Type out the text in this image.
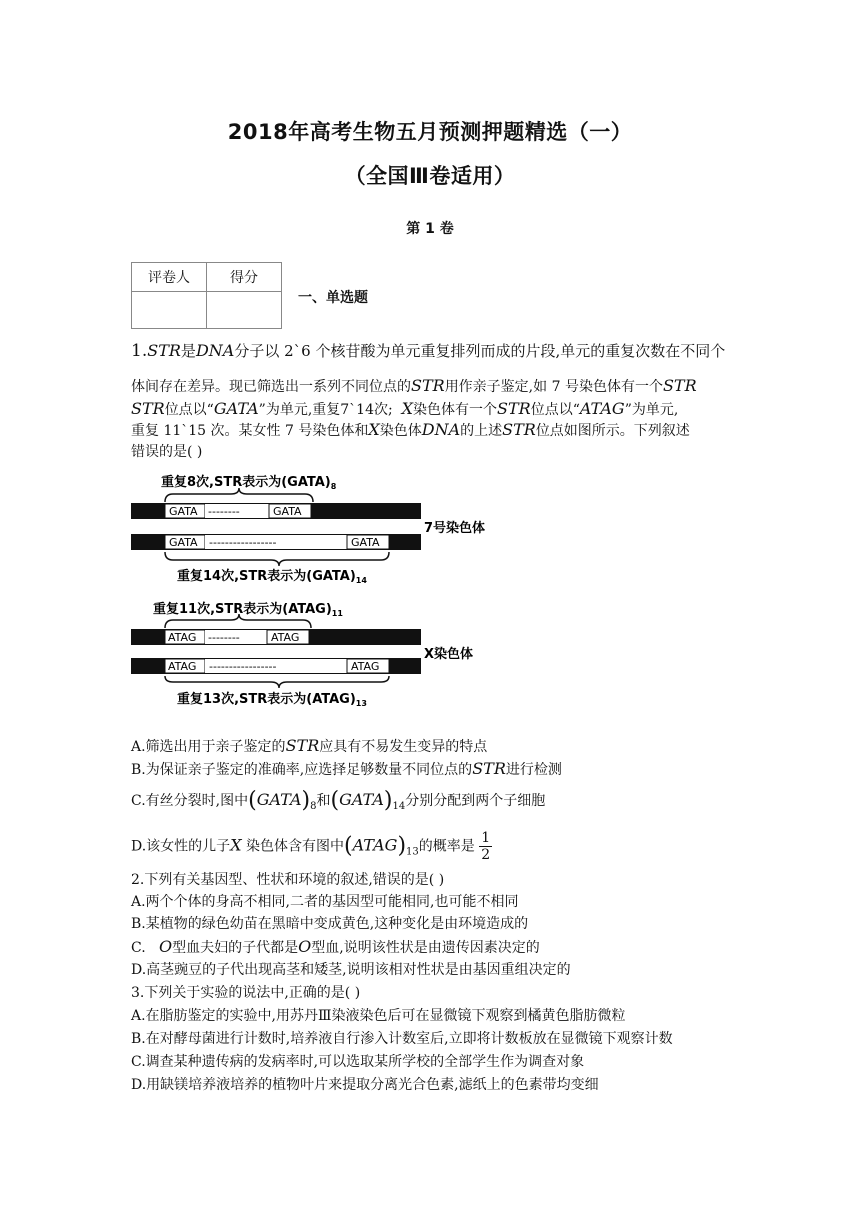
2018年高考生物五月预测押题精选（一）
（全国Ⅲ卷适用）
第 1 卷
评卷人	得分

一、单选题
1.STR是DNA分子以 2`6 个核苷酸为单元重复排列而成的片段,单元的重复次数在不同个
体间存在差异。现已筛选出一系列不同位点的STR用作亲子鉴定,如 7 号染色体有一个STR
STR位点以“GATA”为单元,重复7`14次; X染色体有一个STR位点以“ATAG”为单元,
重复 11`15 次。某女性 7 号染色体和X染色体DNA的上述STR位点如图所示。下列叙述
错误的是( )
重复8次,STR表示为$(GATA)_8$
GATA --------	GATA
GATA -----------------	GATA
7号染色体
重复14次,STR表示为$(GATA)_{14}$
重复11次,STR表示为$(ATAG)_{11}$
ATAG --------	ATAG
ATAG -----------------	ATAG
X染色体
重复13次,STR表示为$(ATAG)_{13}$
A.筛选出用于亲子鉴定的STR应具有不易发生变异的特点
B.为保证亲子鉴定的准确率,应选择足够数量不同位点的STR进行检测
C.有丝分裂时,图中$(GATA)_8$和$(GATA)_{14}$分别分配到两个子细胞
D.该女性的儿子X 染色体含有图中$(ATAG)_{13}$的概率是 $\frac{1}{2}$
2.下列有关基因型、性状和环境的叙述,错误的是( )
A.两个个体的身高不相同,二者的基因型可能相同,也可能不相同
B.某植物的绿色幼苗在黑暗中变成黄色,这种变化是由环境造成的
C. O型血夫妇的子代都是O型血,说明该性状是由遗传因素决定的
D.高茎豌豆的子代出现高茎和矮茎,说明该相对性状是由基因重组决定的
3.下列关于实验的说法中,正确的是( )
A.在脂肪鉴定的实验中,用苏丹Ⅲ染液染色后可在显微镜下观察到橘黄色脂肪微粒
B.在对酵母菌进行计数时,培养液自行渗入计数室后,立即将计数板放在显微镜下观察计数
C.调查某种遗传病的发病率时,可以选取某所学校的全部学生作为调查对象
D.用缺镁培养液培养的植物叶片来提取分离光合色素,滤纸上的色素带均变细
